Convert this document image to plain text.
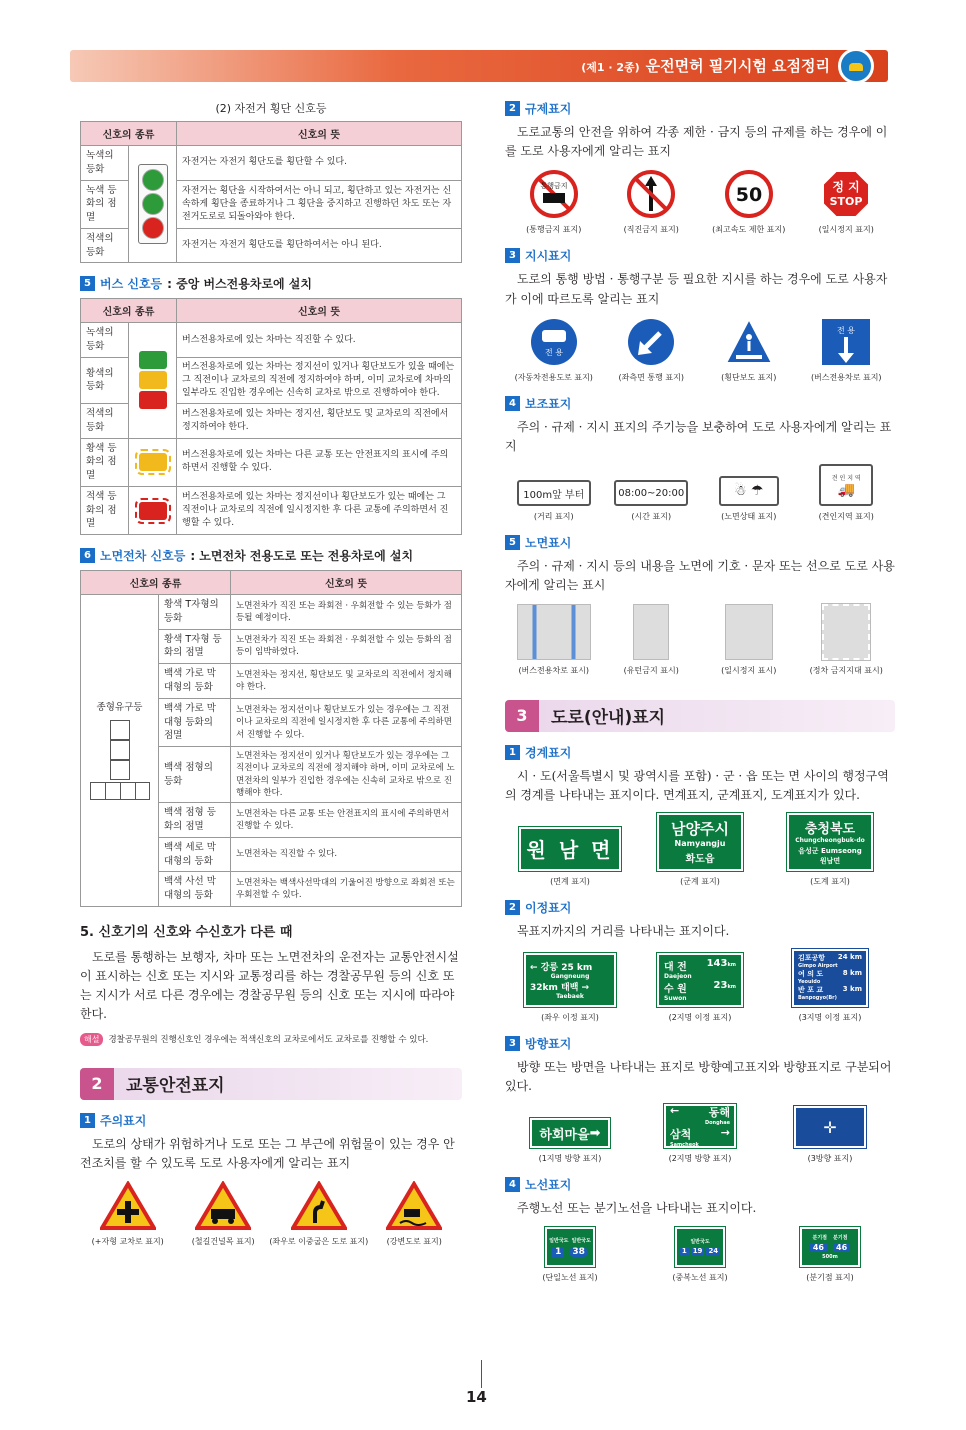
(제1 · 2종) 운전면허 필기시험 요점정리
(2) 자전거 횡단 신호등
신호의 종류		신호의 뜻
녹색의 등화		자전거는 자전거 횡단도를 횡단할 수 있다.
녹색 등화의 점멸		자전거는 횡단을 시작하여서는 아니 되고, 횡단하고 있는 자전거는 신속하게 횡단을 종료하거나 그 횡단을 중지하고 진행하던 차도 또는 자전거도로로 되돌아와야 한다.
적색의 등화		자전거는 자전거 횡단도를 횡단하여서는 아니 된다.
5 버스 신호등 : 중앙 버스전용차로에 설치
신호의 종류		신호의 뜻
녹색의 등화		버스전용차로에 있는 차마는 직진할 수 있다.
황색의 등화		버스전용차로에 있는 차마는 정지선이 있거나 횡단보도가 있을 때에는 그 직전이나 교차로의 직전에 정지하여야 하며, 이미 교차로에 차마의 일부라도 진입한 경우에는 신속히 교차로 밖으로 진행하여야 한다.
적색의 등화		버스전용차로에 있는 차마는 정지선, 횡단보도 및 교차로의 직전에서 정지하여야 한다.
황색 등화의 점멸		버스전용차로에 있는 차마는 다른 교통 또는 안전표지의 표시에 주의하면서 진행할 수 있다.
적색 등화의 점멸		버스전용차로에 있는 차마는 정지선이나 횡단보도가 있는 때에는 그 직전이나 교차로의 직전에 일시정지한 후 다른 교통에 주의하면서 진행할 수 있다.
6 노면전차 신호등 : 노면전차 전용도로 또는 전용차로에 설치
신호의 종류		신호의 뜻

종형유구등	황색 T자형의 등화	노면전차가 직진 또는 좌회전 · 우회전할 수 있는 등화가 점등될 예정이다.
	황색 T자형 등화의 점멸	노면전차가 직진 또는 좌회전 · 우회전할 수 있는 등화의 점등이 임박하였다.
	백색 가로 막대형의 등화	노면전차는 정지선, 횡단보도 및 교차로의 직전에서 정지해야 한다.
	백색 가로 막대형 등화의 점멸	노면전차는 정지선이나 횡단보도가 있는 경우에는 그 직전이나 교차로의 직전에 일시정지한 후 다른 교통에 주의하면서 진행할 수 있다.
	백색 점형의 등화	노면전차는 정지선이 있거나 횡단보도가 있는 경우에는 그 직전이나 교차로의 직전에 정지해야 하며, 이미 교차로에 노면전차의 일부가 진입한 경우에는 신속히 교차로 밖으로 진행해야 한다.
	백색 점형 등화의 점멸	노면전차는 다른 교통 또는 안전표지의 표시에 주의하면서 진행할 수 있다.
	백색 세로 막대형의 등화	노면전차는 직진할 수 있다.
	백색 사선 막대형의 등화	노면전차는 백색사선막대의 기울어진 방향으로 좌회전 또는 우회전할 수 있다.
5. 신호기의 신호와 수신호가 다른 때

도로를 통행하는 보행자, 차마 또는 노면전차의 운전자는 교통안전시설이 표시하는 신호 또는 지시와 교통정리를 하는 경찰공무원 등의 신호 또는 지시가 서로 다른 경우에는 경찰공무원 등의 신호 또는 지시에 따라야 한다.

해설	경찰공무원의 진행신호인 경우에는 적색신호의 교차로에서도 교차로를 진행할 수 있다.
2	교통안전표지
1 주의표지

도로의 상태가 위험하거나 도로 또는 그 부근에 위험물이 있는 경우 안전조치를 할 수 있도록 도로 사용자에게 알리는 표지

(+자형 교차로 표지)	(철길건널목 표지) (좌우로 이중굽은 도로 표지) (강변도로 표지)
2 규제표지

도로교통의 안전을 위하여 각종 제한 · 금지 등의 규제를 하는 경우에 이를 도로 사용자에게 알리는 표지

통행금지
(통행금지 표지)	(직진금지 표지)
50
(최고속도 제한 표지)
정 지
STOP
(일시정지 표지)
3 지시표지

도로의 통행 방법 · 통행구분 등 필요한 지시를 하는 경우에 도로 사용자가 이에 따르도록 알리는 표지

전 용
(자동차전용도로 표지)	(좌측면 통행 표지)	(횡단보도 표지)
전 용
(버스전용차로 표지)
4 보조표지

주의 · 규제 · 지시 표지의 주기능을 보충하여 도로 사용자에게 알리는 표지

100m앞 부터
(거리 표지)
08:00~20:00
(시간 표지)
☃ ☂
(노면상태 표지)
견 인 지 역
🚚
(견인지역 표지)
5 노면표시

주의 · 규제 · 지시 등의 내용을 노면에 기호 · 문자 또는 선으로 도로 사용자에게 알리는 표시

(버스전용차로 표시)	(유턴금지 표시)	(일시정지 표시)	(정차 금지지대 표시)
3	도로(안내)표지
1 경계표지

시 · 도(서울특별시 및 광역시를 포함) · 군 · 읍 또는 면 사이의 행정구역의 경계를 나타내는 표지이다. 면계표지, 군계표지, 도계표지가 있다.

원 남 면
(면계 표지)
남양주시
Namyangju
화도읍
(군계 표지)
충청북도
Chungcheongbuk-do
음성군 Eumseong
원남면
(도계 표지)
2 이정표지

목표지까지의 거리를 나타내는 표지이다.

← 강릉 25 km
Gangneung
32km 태백 →
Taebaek
(좌우 이정 표지)
대 전 143km
Daejeon
수 원	23km
Suwon
(2지명 이정 표지)
김포공항 24 km
Gimpo Airport
여 의 도	8 km
Yeouido
반 포 교	3 km
Banpogyo(Br)
(3지명 이정 표지)
3 방향표지

방향 또는 방면을 나타내는 표지로 방향예고표지와 방향표지로 구분되어 있다.

하회마을 ➡
(1지명 방향 표지)
←	동해
Donghae
삼척	→
Samcheok
(2지명 방향 표지)
✛
(3방향 표지)
4 노선표지

주행노선 또는 분기노선을 나타내는 표지이다.

일반국도 일반국도
1	38
(단일노선 표지)
일반국도
1 19 24
(중복노선 표지)
분기점 분기점
46	46
500m
(분기점 표지)
14
